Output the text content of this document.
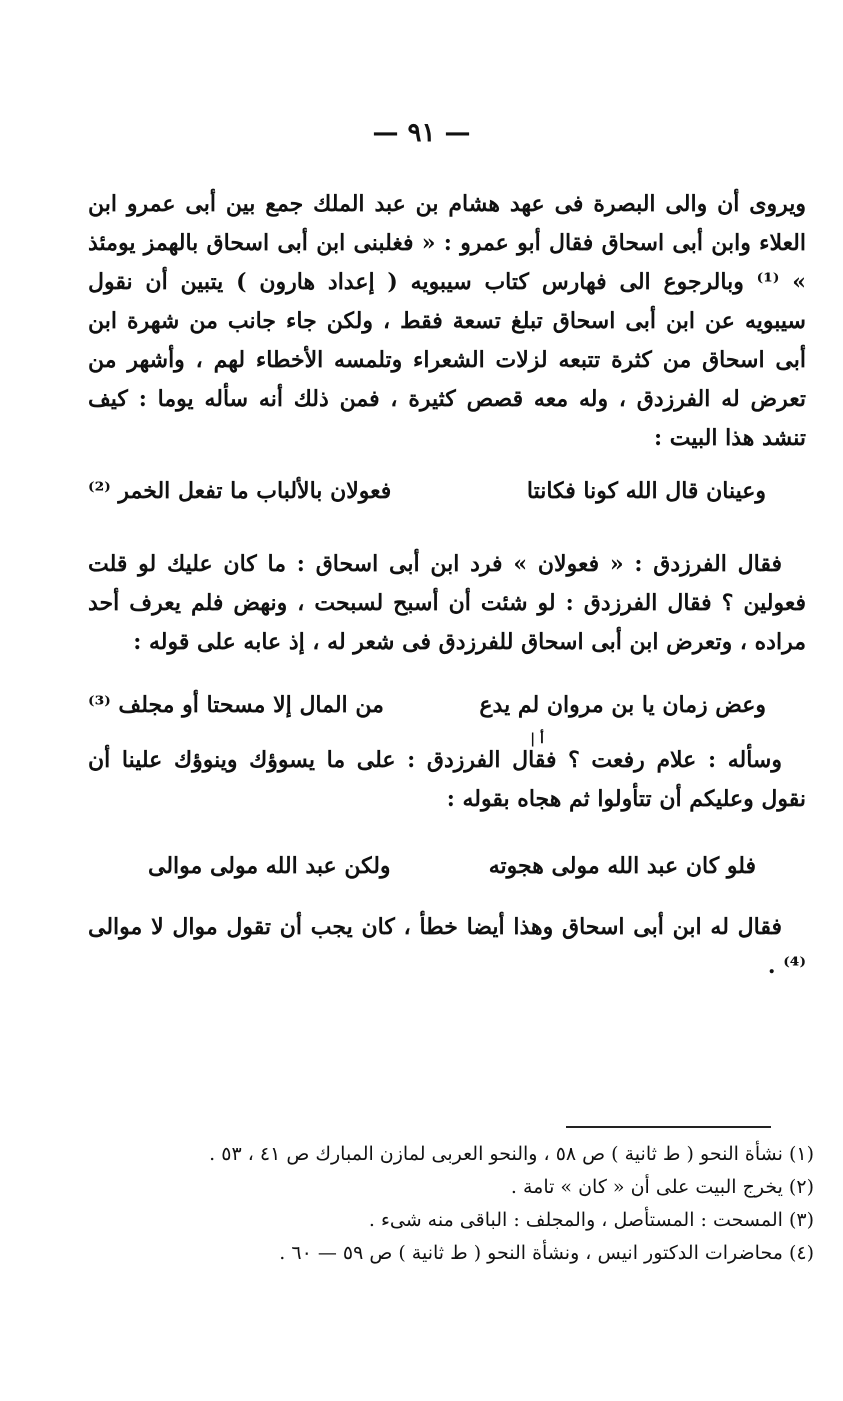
— ٩١ —

ويروى أن والى البصرة فى عهد هشام بن عبد الملك جمع بين أبى عمرو ابن العلاء وابن أبى اسحاق فقال أبو عمرو : « فغلبنى ابن أبى اسحاق بالهمز يومئذ » ⁽¹⁾ وبالرجوع الى فهارس كتاب سيبويه ( إعداد هارون ) يتبين أن نقول سيبويه عن ابن أبى اسحاق تبلغ تسعة فقط ، ولكن جاء جانب من شهرة ابن أبى اسحاق من كثرة تتبعه لزلات الشعراء وتلمسه الأخطاء لهم ، وأشهر من تعرض له الفرزدق ، وله معه قصص كثيرة ، فمن ذلك أنه سأله يوما : كيف تنشد هذا البيت :

وعينان قال الله كونا فكانتا
فعولان بالألباب ما تفعل الخمر ⁽²⁾

فقال الفرزدق : « فعولان » فرد ابن أبى اسحاق : ما كان عليك لو قلت فعولين ؟ فقال الفرزدق : لو شئت أن أسبح لسبحت ، ونهض فلم يعرف أحد مراده ، وتعرض ابن أبى اسحاق للفرزدق فى شعر له ، إذ عابه على قوله :

وعض زمان يا بن مروان لم يدع
من المال إلا مسحتا أو مجلف ⁽³⁾
أ |

وسأله : علام رفعت ؟ فقال الفرزدق : على ما يسوؤك وينوؤك علينا أن نقول وعليكم أن تتأولوا ثم هجاه بقوله :

فلو كان عبد الله مولى هجوته
ولكن عبد الله مولى موالى

فقال له ابن أبى اسحاق وهذا أيضا خطأ ، كان يجب أن تقول موال لا موالى ⁽⁴⁾ .

(١) نشأة النحو ( ط ثانية ) ص ٥٨ ، والنحو العربى لمازن المبارك ص ٤١ ، ٥٣ .

(٢) يخرج البيت على أن « كان » تامة .

(٣) المسحت : المستأصل ، والمجلف : الباقى منه شىء .

(٤) محاضرات الدكتور انيس ، ونشأة النحو ( ط ثانية ) ص ٥٩ — ٦٠ .
